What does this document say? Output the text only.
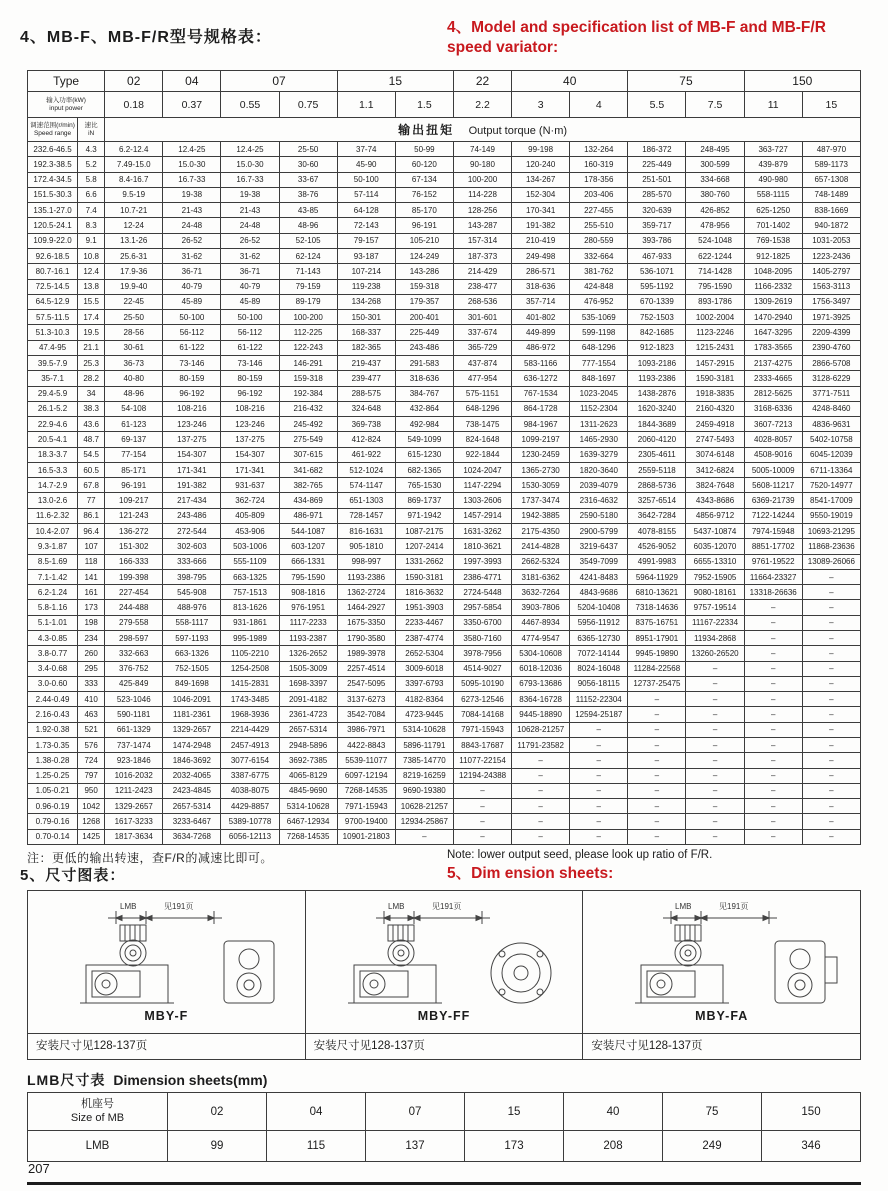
4、MB-F、MB-F/R型号规格表：
4、Model and specification list of MB-F and MB-F/R speed variator:
Type		02	04	07		15		22	40		75		150	

输入功率(kW)
input power		0.18	0.37	0.55	0.75	1.1	1.5	2.2	3	4	5.5	7.5	11	15

调速范围(r/min)
Speed range

速比
iN	输出扭矩 Output torque (N·m)
232.6-46.5	4.3	6.2-12.4	12.4-25	12.4-25	25-50	37-74	50-99	74-149	99-198	132-264	186-372	248-495	363-727	487-970
192.3-38.5	5.2	7.49-15.0	15.0-30	15.0-30	30-60	45-90	60-120	90-180	120-240	160-319	225-449	300-599	439-879	589-1173
172.4-34.5	5.8	8.4-16.7	16.7-33	16.7-33	33-67	50-100	67-134	100-200	134-267	178-356	251-501	334-668	490-980	657-1308
151.5-30.3	6.6	9.5-19	19-38	19-38	38-76	57-114	76-152	114-228	152-304	203-406	285-570	380-760	558-1115	748-1489
135.1-27.0	7.4	10.7-21	21-43	21-43	43-85	64-128	85-170	128-256	170-341	227-455	320-639	426-852	625-1250	838-1669
120.5-24.1	8.3	12-24	24-48	24-48	48-96	72-143	96-191	143-287	191-382	255-510	359-717	478-956	701-1402	940-1872
109.9-22.0	9.1	13.1-26	26-52	26-52	52-105	79-157	105-210	157-314	210-419	280-559	393-786	524-1048	769-1538	1031-2053
92.6-18.5	10.8	25.6-31	31-62	31-62	62-124	93-187	124-249	187-373	249-498	332-664	467-933	622-1244	912-1825	1223-2436
80.7-16.1	12.4	17.9-36	36-71	36-71	71-143	107-214	143-286	214-429	286-571	381-762	536-1071	714-1428	1048-2095	1405-2797
72.5-14.5	13.8	19.9-40	40-79	40-79	79-159	119-238	159-318	238-477	318-636	424-848	595-1192	795-1590	1166-2332	1563-3113
64.5-12.9	15.5	22-45	45-89	45-89	89-179	134-268	179-357	268-536	357-714	476-952	670-1339	893-1786	1309-2619	1756-3497
57.5-11.5	17.4	25-50	50-100	50-100	100-200	150-301	200-401	301-601	401-802	535-1069	752-1503	1002-2004	1470-2940	1971-3925
51.3-10.3	19.5	28-56	56-112	56-112	112-225	168-337	225-449	337-674	449-899	599-1198	842-1685	1123-2246	1647-3295	2209-4399
47.4-95	21.1	30-61	61-122	61-122	122-243	182-365	243-486	365-729	486-972	648-1296	912-1823	1215-2431	1783-3565	2390-4760
39.5-7.9	25.3	36-73	73-146	73-146	146-291	219-437	291-583	437-874	583-1166	777-1554	1093-2186	1457-2915	2137-4275	2866-5708
35-7.1	28.2	40-80	80-159	80-159	159-318	239-477	318-636	477-954	636-1272	848-1697	1193-2386	1590-3181	2333-4665	3128-6229
29.4-5.9	34	48-96	96-192	96-192	192-384	288-575	384-767	575-1151	767-1534	1023-2045	1438-2876	1918-3835	2812-5625	3771-7511
26.1-5.2	38.3	54-108	108-216	108-216	216-432	324-648	432-864	648-1296	864-1728	1152-2304	1620-3240	2160-4320	3168-6336	4248-8460
22.9-4.6	43.6	61-123	123-246	123-246	245-492	369-738	492-984	738-1475	984-1967	1311-2623	1844-3689	2459-4918	3607-7213	4836-9631
20.5-4.1	48.7	69-137	137-275	137-275	275-549	412-824	549-1099	824-1648	1099-2197	1465-2930	2060-4120	2747-5493	4028-8057	5402-10758
18.3-3.7	54.5	77-154	154-307	154-307	307-615	461-922	615-1230	922-1844	1230-2459	1639-3279	2305-4611	3074-6148	4508-9016	6045-12039
16.5-3.3	60.5	85-171	171-341	171-341	341-682	512-1024	682-1365	1024-2047	1365-2730	1820-3640	2559-5118	3412-6824	5005-10009	6711-13364
14.7-2.9	67.8	96-191	191-382	931-637	382-765	574-1147	765-1530	1147-2294	1530-3059	2039-4079	2868-5736	3824-7648	5608-11217	7520-14977
13.0-2.6	77	109-217	217-434	362-724	434-869	651-1303	869-1737	1303-2606	1737-3474	2316-4632	3257-6514	4343-8686	6369-21739	8541-17009
11.6-2.32	86.1	121-243	243-486	405-809	486-971	728-1457	971-1942	1457-2914	1942-3885	2590-5180	3642-7284	4856-9712	7122-14244	9550-19019
10.4-2.07	96.4	136-272	272-544	453-906	544-1087	816-1631	1087-2175	1631-3262	2175-4350	2900-5799	4078-8155	5437-10874	7974-15948	10693-21295
9.3-1.87	107	151-302	302-603	503-1006	603-1207	905-1810	1207-2414	1810-3621	2414-4828	3219-6437	4526-9052	6035-12070	8851-17702	11868-23636
8.5-1.69	118	166-333	333-666	555-1109	666-1331	998-997	1331-2662	1997-3993	2662-5324	3549-7099	4991-9983	6655-13310	9761-19522	13089-26066
7.1-1.42	141	199-398	398-795	663-1325	795-1590	1193-2386	1590-3181	2386-4771	3181-6362	4241-8483	5964-11929	7952-15905	11664-23327	–
6.2-1.24	161	227-454	545-908	757-1513	908-1816	1362-2724	1816-3632	2724-5448	3632-7264	4843-9686	6810-13621	9080-18161	13318-26636	–
5.8-1.16	173	244-488	488-976	813-1626	976-1951	1464-2927	1951-3903	2957-5854	3903-7806	5204-10408	7318-14636	9757-19514	–	–
5.1-1.01	198	279-558	558-1117	931-1861	1117-2233	1675-3350	2233-4467	3350-6700	4467-8934	5956-11912	8375-16751	11167-22334	–	–
4.3-0.85	234	298-597	597-1193	995-1989	1193-2387	1790-3580	2387-4774	3580-7160	4774-9547	6365-12730	8951-17901	11934-2868	–	–
3.8-0.77	260	332-663	663-1326	1105-2210	1326-2652	1989-3978	2652-5304	3978-7956	5304-10608	7072-14144	9945-19890	13260-26520	–	–
3.4-0.68	295	376-752	752-1505	1254-2508	1505-3009	2257-4514	3009-6018	4514-9027	6018-12036	8024-16048	11284-22568	–	–	–
3.0-0.60	333	425-849	849-1698	1415-2831	1698-3397	2547-5095	3397-6793	5095-10190	6793-13686	9056-18115	12737-25475	–	–	–
2.44-0.49	410	523-1046	1046-2091	1743-3485	2091-4182	3137-6273	4182-8364	6273-12546	8364-16728	11152-22304	–	–	–	–
2.16-0.43	463	590-1181	1181-2361	1968-3936	2361-4723	3542-7084	4723-9445	7084-14168	9445-18890	12594-25187	–	–	–	–
1.92-0.38	521	661-1329	1329-2657	2214-4429	2657-5314	3986-7971	5314-10628	7971-15943	10628-21257	–	–	–	–	–
1.73-0.35	576	737-1474	1474-2948	2457-4913	2948-5896	4422-8843	5896-11791	8843-17687	11791-23582	–	–	–	–	–
1.38-0.28	724	923-1846	1846-3692	3077-6154	3692-7385	5539-11077	7385-14770	11077-22154	–	–	–	–	–	–
1.25-0.25	797	1016-2032	2032-4065	3387-6775	4065-8129	6097-12194	8219-16259	12194-24388	–	–	–	–	–	–
1.05-0.21	950	1211-2423	2423-4845	4038-8075	4845-9690	7268-14535	9690-19380	–	–	–	–	–	–	–
0.96-0.19	1042	1329-2657	2657-5314	4429-8857	5314-10628	7971-15943	10628-21257	–	–	–	–	–	–	–
0.79-0.16	1268	1617-3233	3233-6467	5389-10778	6467-12934	9700-19400	12934-25867	–	–	–	–	–	–	–
0.70-0.14	1425	1817-3634	3634-7268	6056-12113	7268-14535	10901-21803	–	–	–	–	–	–	–	–
注：更低的输出转速，查F/R的减速比即可。	Note: lower output seed, please look up ratio of F/R.
5、尺寸图表：	5、Dim ension sheets:
LMB	见191页
MBY-F
安装尺寸见128-137页
LMB	见191页
MBY-FF
安装尺寸见128-137页
LMB	见191页
MBY-FA
安装尺寸见128-137页
LMB尺寸表 Dimension sheets(mm)
机座号
Size of MB	02	04	07	15	40	75	150
LMB	99	115	137	173	208	249	346
207
